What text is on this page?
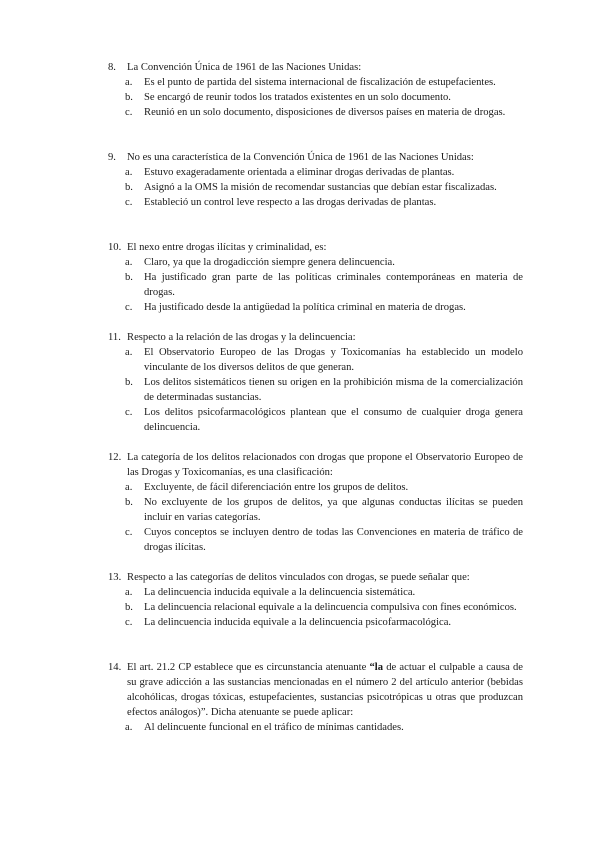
8. La Convención Única de 1961 de las Naciones Unidas:
a. Es el punto de partida del sistema internacional de fiscalización de estupefacientes.
b. Se encargó de reunir todos los tratados existentes en un solo documento.
c. Reunió en un solo documento, disposiciones de diversos países en materia de drogas.
9. No es una característica de la Convención Única de 1961 de las Naciones Unidas:
a. Estuvo exageradamente orientada a eliminar drogas derivadas de plantas.
b. Asignó a la OMS la misión de recomendar sustancias que debían estar fiscalizadas.
c. Estableció un control leve respecto a las drogas derivadas de plantas.
10. El nexo entre drogas ilícitas y criminalidad, es:
a. Claro, ya que la drogadicción siempre genera delincuencia.
b. Ha justificado gran parte de las políticas criminales contemporáneas en materia de drogas.
c. Ha justificado desde la antigüedad la política criminal en materia de drogas.
11. Respecto a la relación de las drogas y la delincuencia:
a. El Observatorio Europeo de las Drogas y Toxicomanías ha establecido un modelo vinculante de los diversos delitos de que generan.
b. Los delitos sistemáticos tienen su origen en la prohibición misma de la comercialización de determinadas sustancias.
c. Los delitos psicofarmacológicos plantean que el consumo de cualquier droga genera delincuencia.
12. La categoría de los delitos relacionados con drogas que propone el Observatorio Europeo de las Drogas y Toxicomanías, es una clasificación:
a. Excluyente, de fácil diferenciación entre los grupos de delitos.
b. No excluyente de los grupos de delitos, ya que algunas conductas ilícitas se pueden incluir en varias categorías.
c. Cuyos conceptos se incluyen dentro de todas las Convenciones en materia de tráfico de drogas ilícitas.
13. Respecto a las categorías de delitos vinculados con drogas, se puede señalar que:
a. La delincuencia inducida equivale a la delincuencia sistemática.
b. La delincuencia relacional equivale a la delincuencia compulsiva con fines económicos.
c. La delincuencia inducida equivale a la delincuencia psicofarmacológica.
14. El art. 21.2 CP establece que es circunstancia atenuante “la de actuar el culpable a causa de su grave adicción a las sustancias mencionadas en el número 2 del artículo anterior (bebidas alcohólicas, drogas tóxicas, estupefacientes, sustancias psicotrópicas u otras que produzcan efectos análogos)”. Dicha atenuante se puede aplicar:
a. Al delincuente funcional en el tráfico de mínimas cantidades.
